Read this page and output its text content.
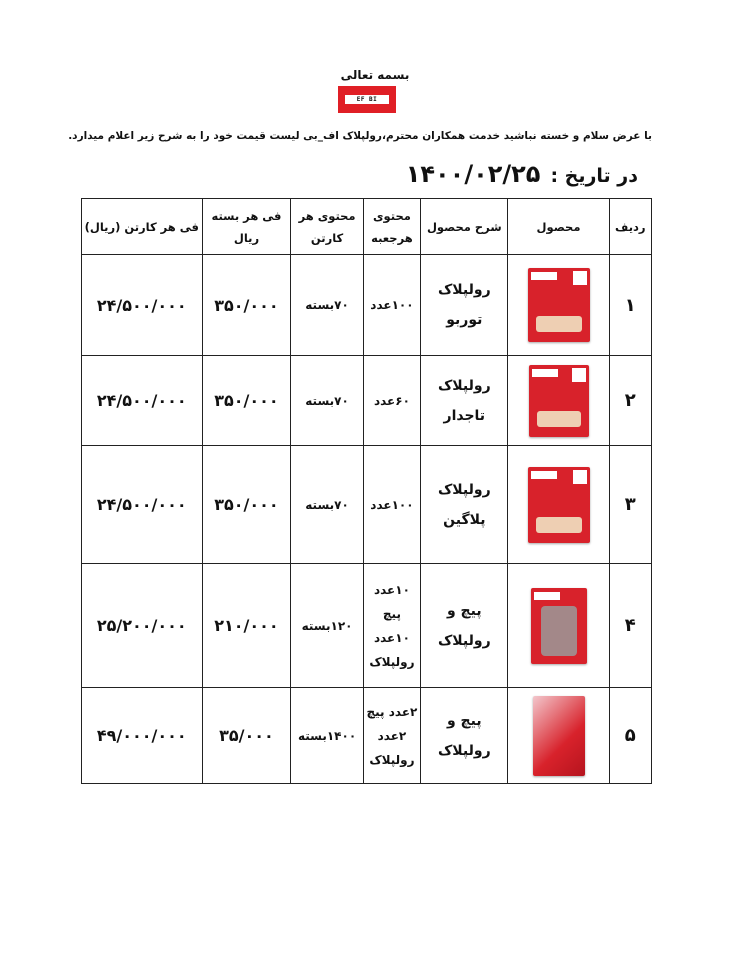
بسمه تعالی
EF BI
با عرض سلام و خسته نباشید خدمت همکاران محترم،رولپلاک اف_بی لیست قیمت خود را به شرح زیر اعلام میدارد.
در تاریخ :
۱۴۰۰/۰۲/۲۵
ردیف	محصول	شرح محصول	محتوی هرجعبه	محتوی هر کارتن	فی هر بسته ریال	فی هر کارتن (ریال)
۱		رولپلاک توربو	۱۰۰عدد	۷۰بسته	۳۵۰/۰۰۰	۲۴/۵۰۰/۰۰۰
۲		رولپلاک تاجدار	۶۰عدد	۷۰بسته	۳۵۰/۰۰۰	۲۴/۵۰۰/۰۰۰
۳		رولپلاک پلاگین	۱۰۰عدد	۷۰بسته	۳۵۰/۰۰۰	۲۴/۵۰۰/۰۰۰
۴		پیچ و رولپلاک	۱۰عدد پیچ ۱۰عدد رولپلاک	۱۲۰بسته	۲۱۰/۰۰۰	۲۵/۲۰۰/۰۰۰
۵		پیچ و رولپلاک	۲عدد پیچ ۲عدد رولپلاک	۱۴۰۰بسته	۳۵/۰۰۰	۴۹/۰۰۰/۰۰۰
